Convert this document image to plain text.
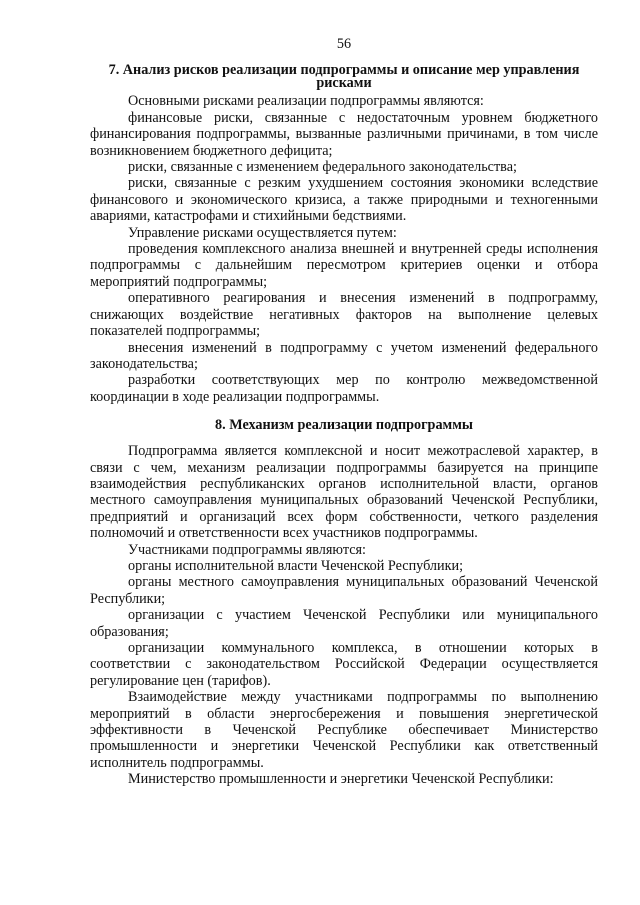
56
7. Анализ рисков реализации подпрограммы и описание мер управления рисками

Основными рисками реализации подпрограммы являются:

финансовые риски, связанные с недостаточным уровнем бюджетного финансирования подпрограммы, вызванные различными причинами, в том числе возникновением бюджетного дефицита;

риски, связанные с изменением федерального законодательства;

риски, связанные с резким ухудшением состояния экономики вследствие финансового и экономического кризиса, а также природными и техногенными авариями, катастрофами и стихийными бедствиями.

Управление рисками осуществляется путем:

проведения комплексного анализа внешней и внутренней среды исполнения подпрограммы с дальнейшим пересмотром критериев оценки и отбора мероприятий подпрограммы;

оперативного реагирования и внесения изменений в подпрограмму, снижающих воздействие негативных факторов на выполнение целевых показателей подпрограммы;

внесения изменений в подпрограмму с учетом изменений федерального законодательства;

разработки соответствующих мер по контролю межведомственной координации в ходе реализации подпрограммы.

8. Механизм реализации подпрограммы

Подпрограмма является комплексной и носит межотраслевой характер, в связи с чем, механизм реализации подпрограммы базируется на принципе взаимодействия республиканских органов исполнительной власти, органов местного самоуправления муниципальных образований Чеченской Республики, предприятий и организаций всех форм собственности, четкого разделения полномочий и ответственности всех участников подпрограммы.

Участниками подпрограммы являются:

органы исполнительной власти Чеченской Республики;

органы местного самоуправления муниципальных образований Чеченской Республики;

организации с участием Чеченской Республики или муниципального образования;

организации коммунального комплекса, в отношении которых в соответствии с законодательством Российской Федерации осуществляется регулирование цен (тарифов).

Взаимодействие между участниками подпрограммы по выполнению мероприятий в области энергосбережения и повышения энергетической эффективности в Чеченской Республике обеспечивает Министерство промышленности и энергетики Чеченской Республики как ответственный исполнитель подпрограммы.

Министерство промышленности и энергетики Чеченской Республики:
